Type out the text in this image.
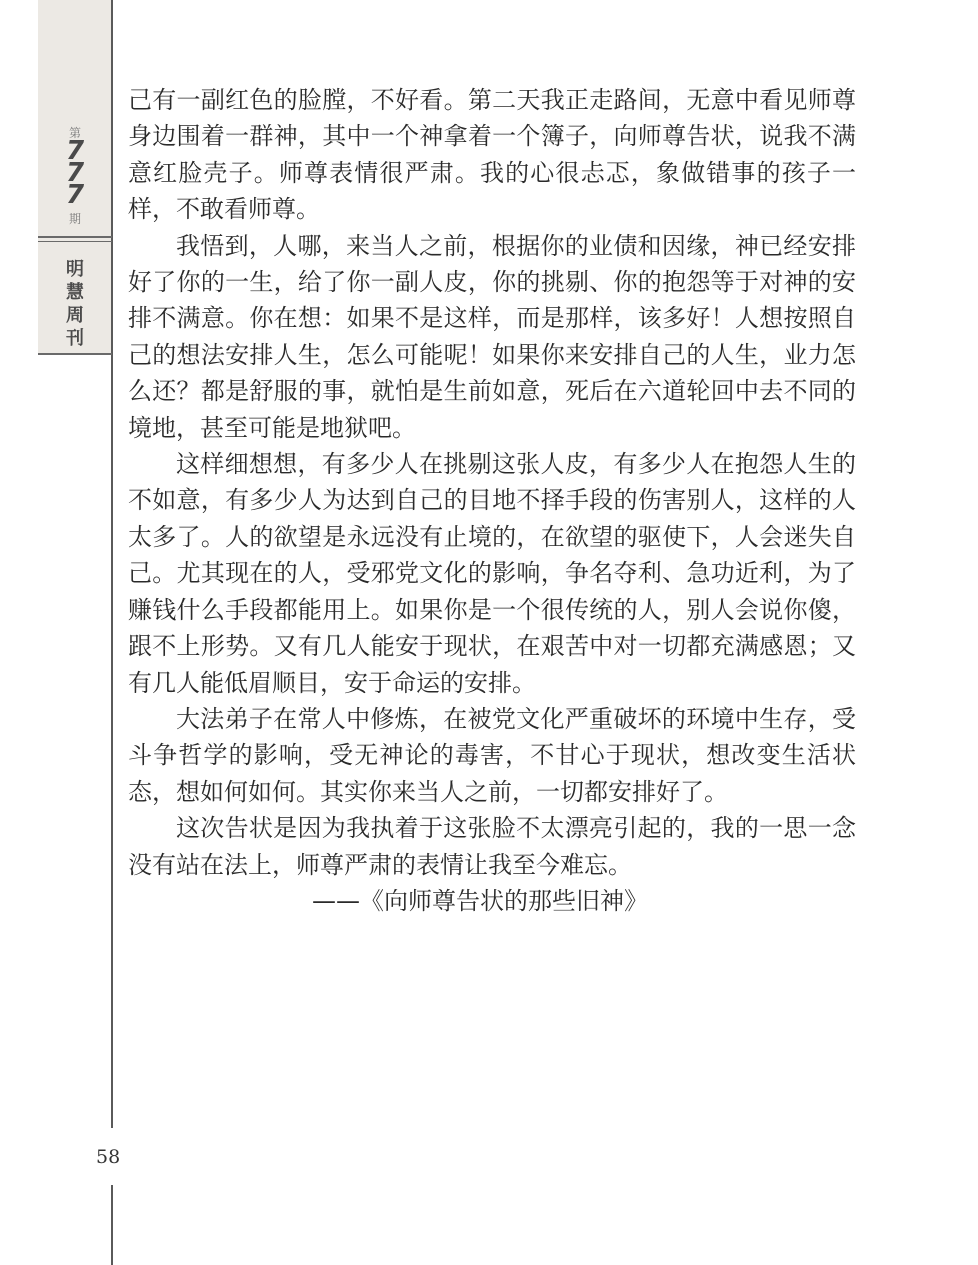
第
7
7
7
期
明
慧
周
刊

己有一副红色的脸膛，不好看。第二天我正走路间，无意中看见师尊身边围着一群神，其中一个神拿着一个簿子，向师尊告状，说我不满意红脸壳子。师尊表情很严肃。我的心很忐忑，象做错事的孩子一样，不敢看师尊。

我悟到，人哪，来当人之前，根据你的业债和因缘，神已经安排好了你的一生，给了你一副人皮，你的挑剔、你的抱怨等于对神的安排不满意。你在想：如果不是这样，而是那样，该多好！人想按照自己的想法安排人生，怎么可能呢！如果你来安排自己的人生，业力怎么还？都是舒服的事，就怕是生前如意，死后在六道轮回中去不同的境地，甚至可能是地狱吧。

这样细想想，有多少人在挑剔这张人皮，有多少人在抱怨人生的不如意，有多少人为达到自己的目地不择手段的伤害别人，这样的人太多了。人的欲望是永远没有止境的，在欲望的驱使下，人会迷失自己。尤其现在的人，受邪党文化的影响，争名夺利、急功近利，为了赚钱什么手段都能用上。如果你是一个很传统的人，别人会说你傻，跟不上形势。又有几人能安于现状，在艰苦中对一切都充满感恩；又有几人能低眉顺目，安于命运的安排。

大法弟子在常人中修炼，在被党文化严重破坏的环境中生存，受斗争哲学的影响，受无神论的毒害，不甘心于现状，想改变生活状态，想如何如何。其实你来当人之前，一切都安排好了。

这次告状是因为我执着于这张脸不太漂亮引起的，我的一思一念没有站在法上，师尊严肃的表情让我至今难忘。

——《向师尊告状的那些旧神》

58
